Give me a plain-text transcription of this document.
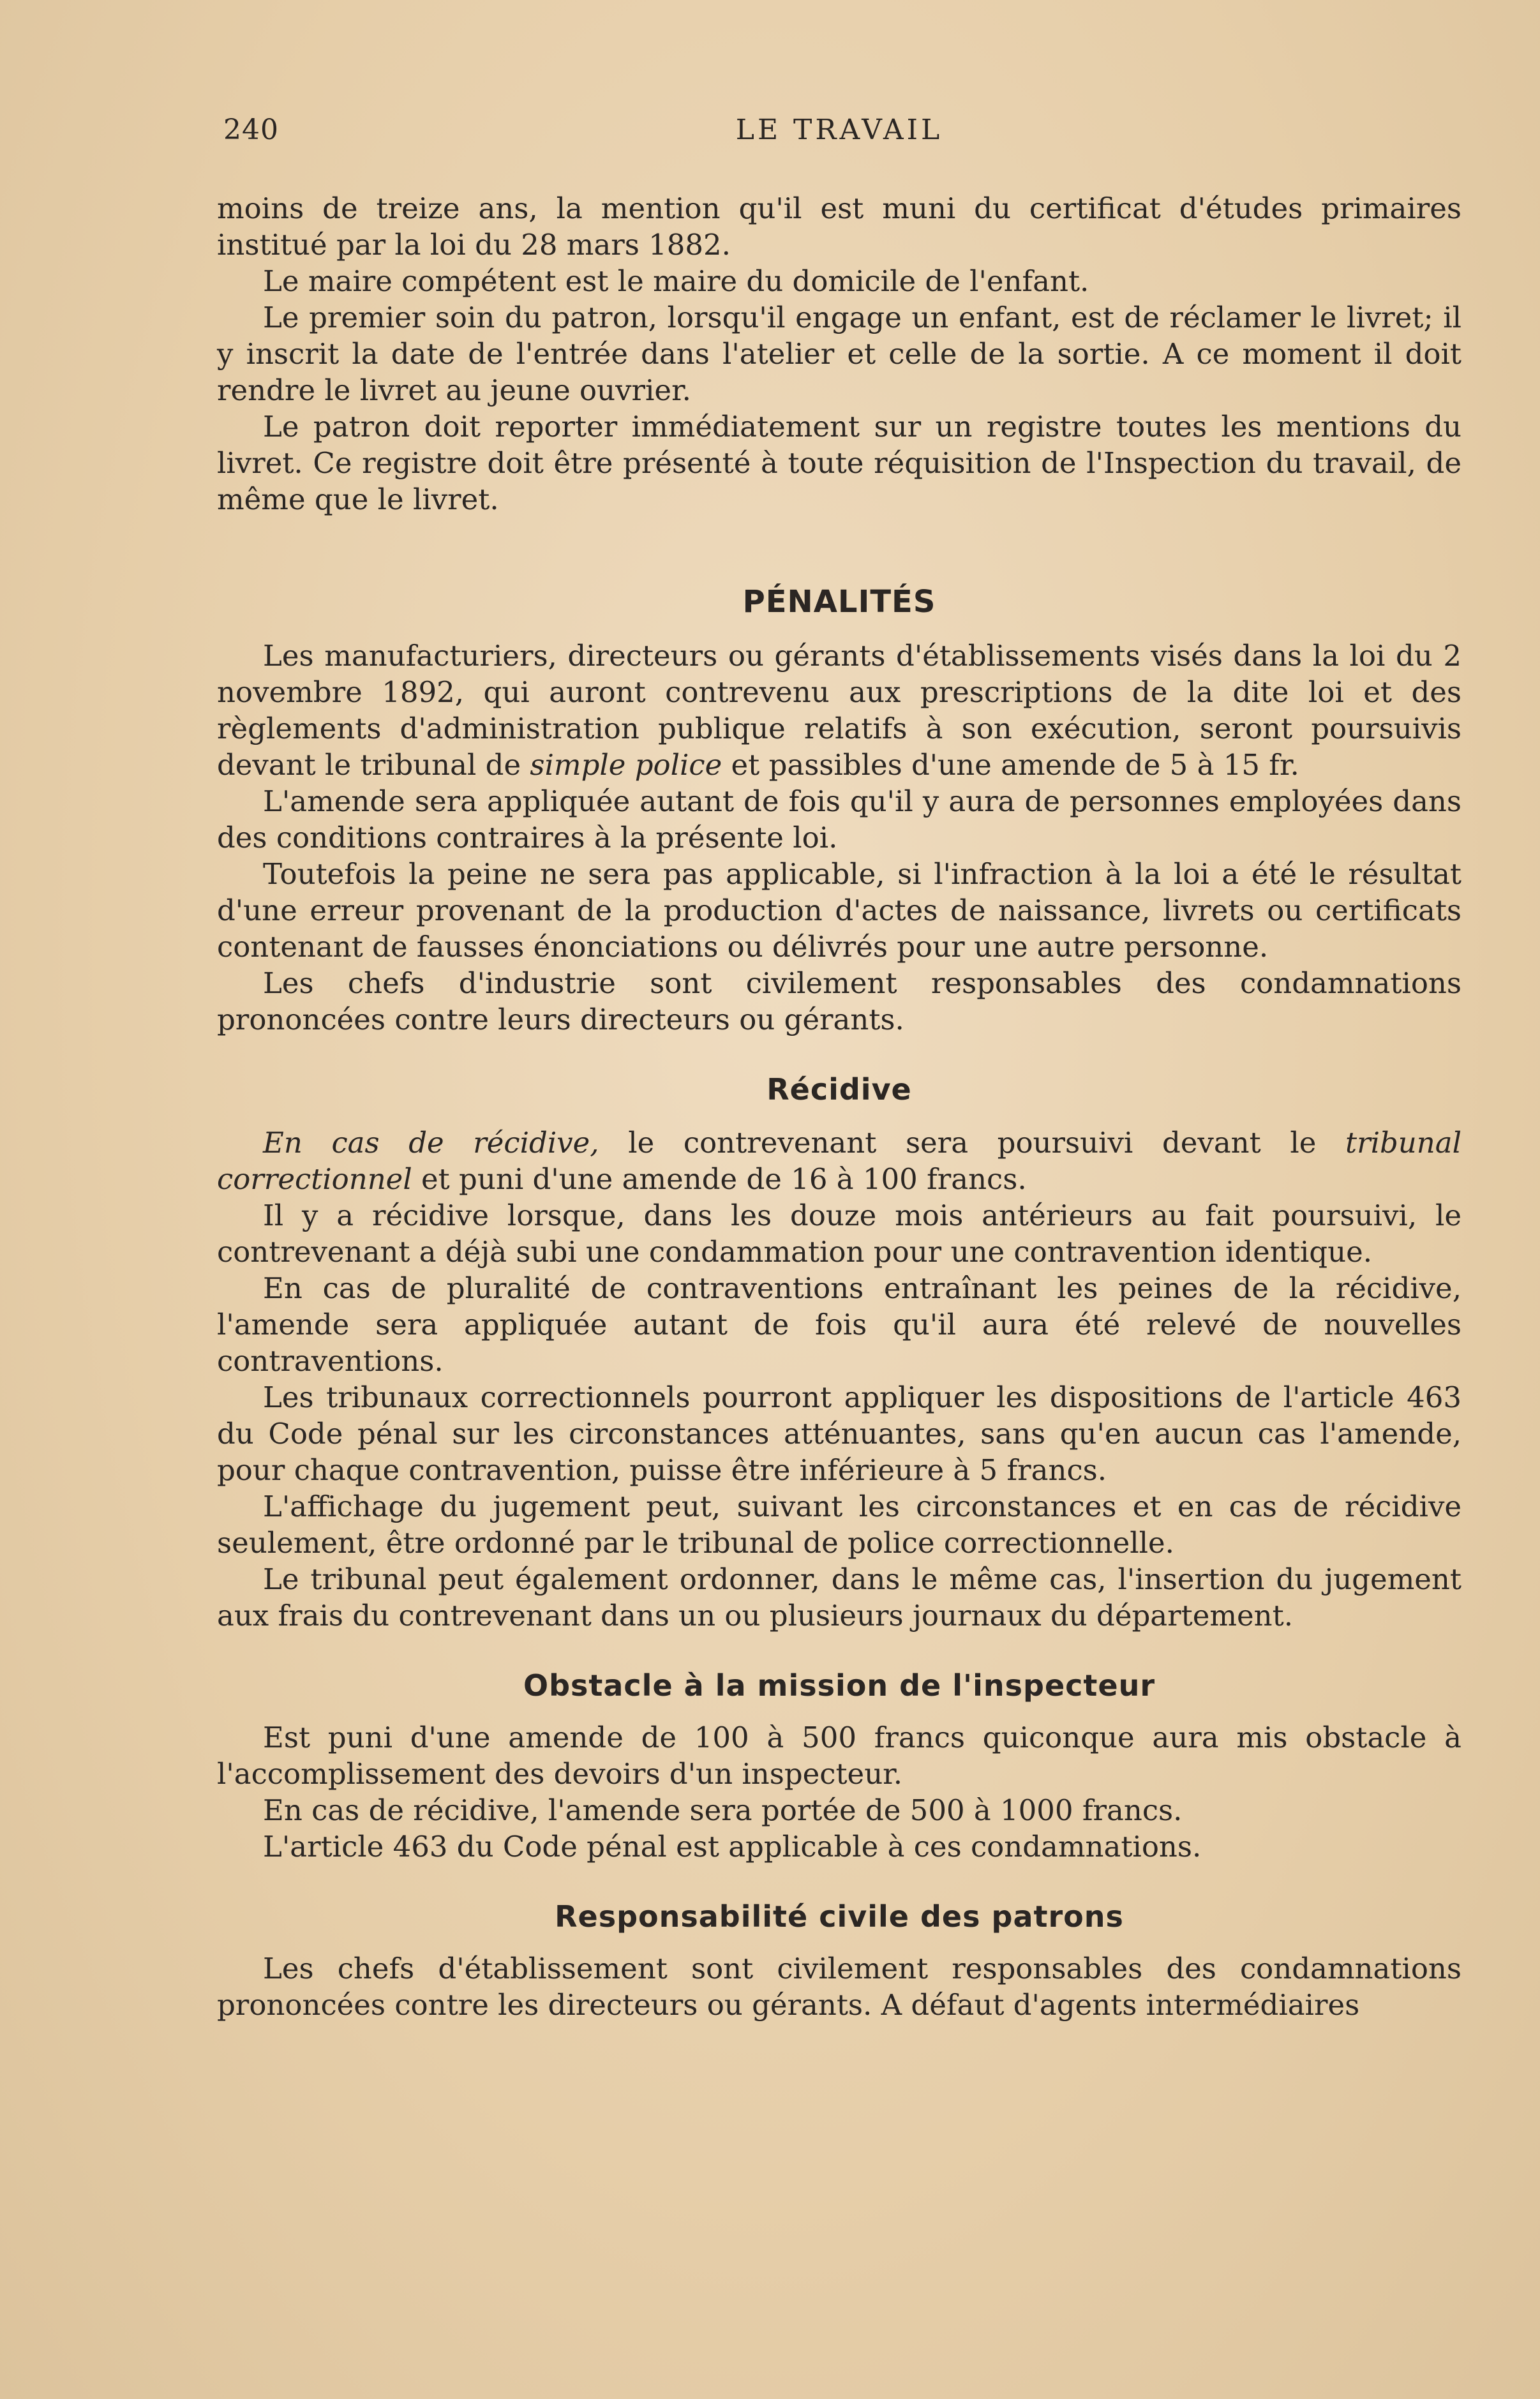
240	LE TRAVAIL

moins de treize ans, la mention qu'il est muni du certificat d'études primaires institué par la loi du 28 mars 1882.

Le maire compétent est le maire du domicile de l'enfant.

Le premier soin du patron, lorsqu'il engage un enfant, est de réclamer le livret; il y inscrit la date de l'entrée dans l'atelier et celle de la sortie. A ce moment il doit rendre le livret au jeune ouvrier.

Le patron doit reporter immédiatement sur un registre toutes les mentions du livret. Ce registre doit être présenté à toute réquisition de l'Inspection du travail, de même que le livret.

PÉNALITÉS

Les manufacturiers, directeurs ou gérants d'établissements visés dans la loi du 2 novembre 1892, qui auront contrevenu aux prescriptions de la dite loi et des règlements d'administration publique relatifs à son exécution, seront poursuivis devant le tribunal de simple police et passibles d'une amende de 5 à 15 fr.

L'amende sera appliquée autant de fois qu'il y aura de personnes employées dans des conditions contraires à la présente loi.

Toutefois la peine ne sera pas applicable, si l'infraction à la loi a été le résultat d'une erreur provenant de la production d'actes de naissance, livrets ou certificats contenant de fausses énonciations ou délivrés pour une autre personne.

Les chefs d'industrie sont civilement responsables des condamnations prononcées contre leurs directeurs ou gérants.

Récidive

En cas de récidive, le contrevenant sera poursuivi devant le tribunal correctionnel et puni d'une amende de 16 à 100 francs.

Il y a récidive lorsque, dans les douze mois antérieurs au fait poursuivi, le contrevenant a déjà subi une condammation pour une contravention identique.

En cas de pluralité de contraventions entraînant les peines de la récidive, l'amende sera appliquée autant de fois qu'il aura été relevé de nouvelles contraventions.

Les tribunaux correctionnels pourront appliquer les dispositions de l'article 463 du Code pénal sur les circonstances atténuantes, sans qu'en aucun cas l'amende, pour chaque contravention, puisse être inférieure à 5 francs.

L'affichage du jugement peut, suivant les circonstances et en cas de récidive seulement, être ordonné par le tribunal de police correctionnelle.

Le tribunal peut également ordonner, dans le même cas, l'insertion du jugement aux frais du contrevenant dans un ou plusieurs journaux du département.

Obstacle à la mission de l'inspecteur

Est puni d'une amende de 100 à 500 francs quiconque aura mis obstacle à l'accomplissement des devoirs d'un inspecteur.

En cas de récidive, l'amende sera portée de 500 à 1000 francs.

L'article 463 du Code pénal est applicable à ces condamnations.

Responsabilité civile des patrons

Les chefs d'établissement sont civilement responsables des condamnations prononcées contre les directeurs ou gérants. A défaut d'agents intermédiaires
